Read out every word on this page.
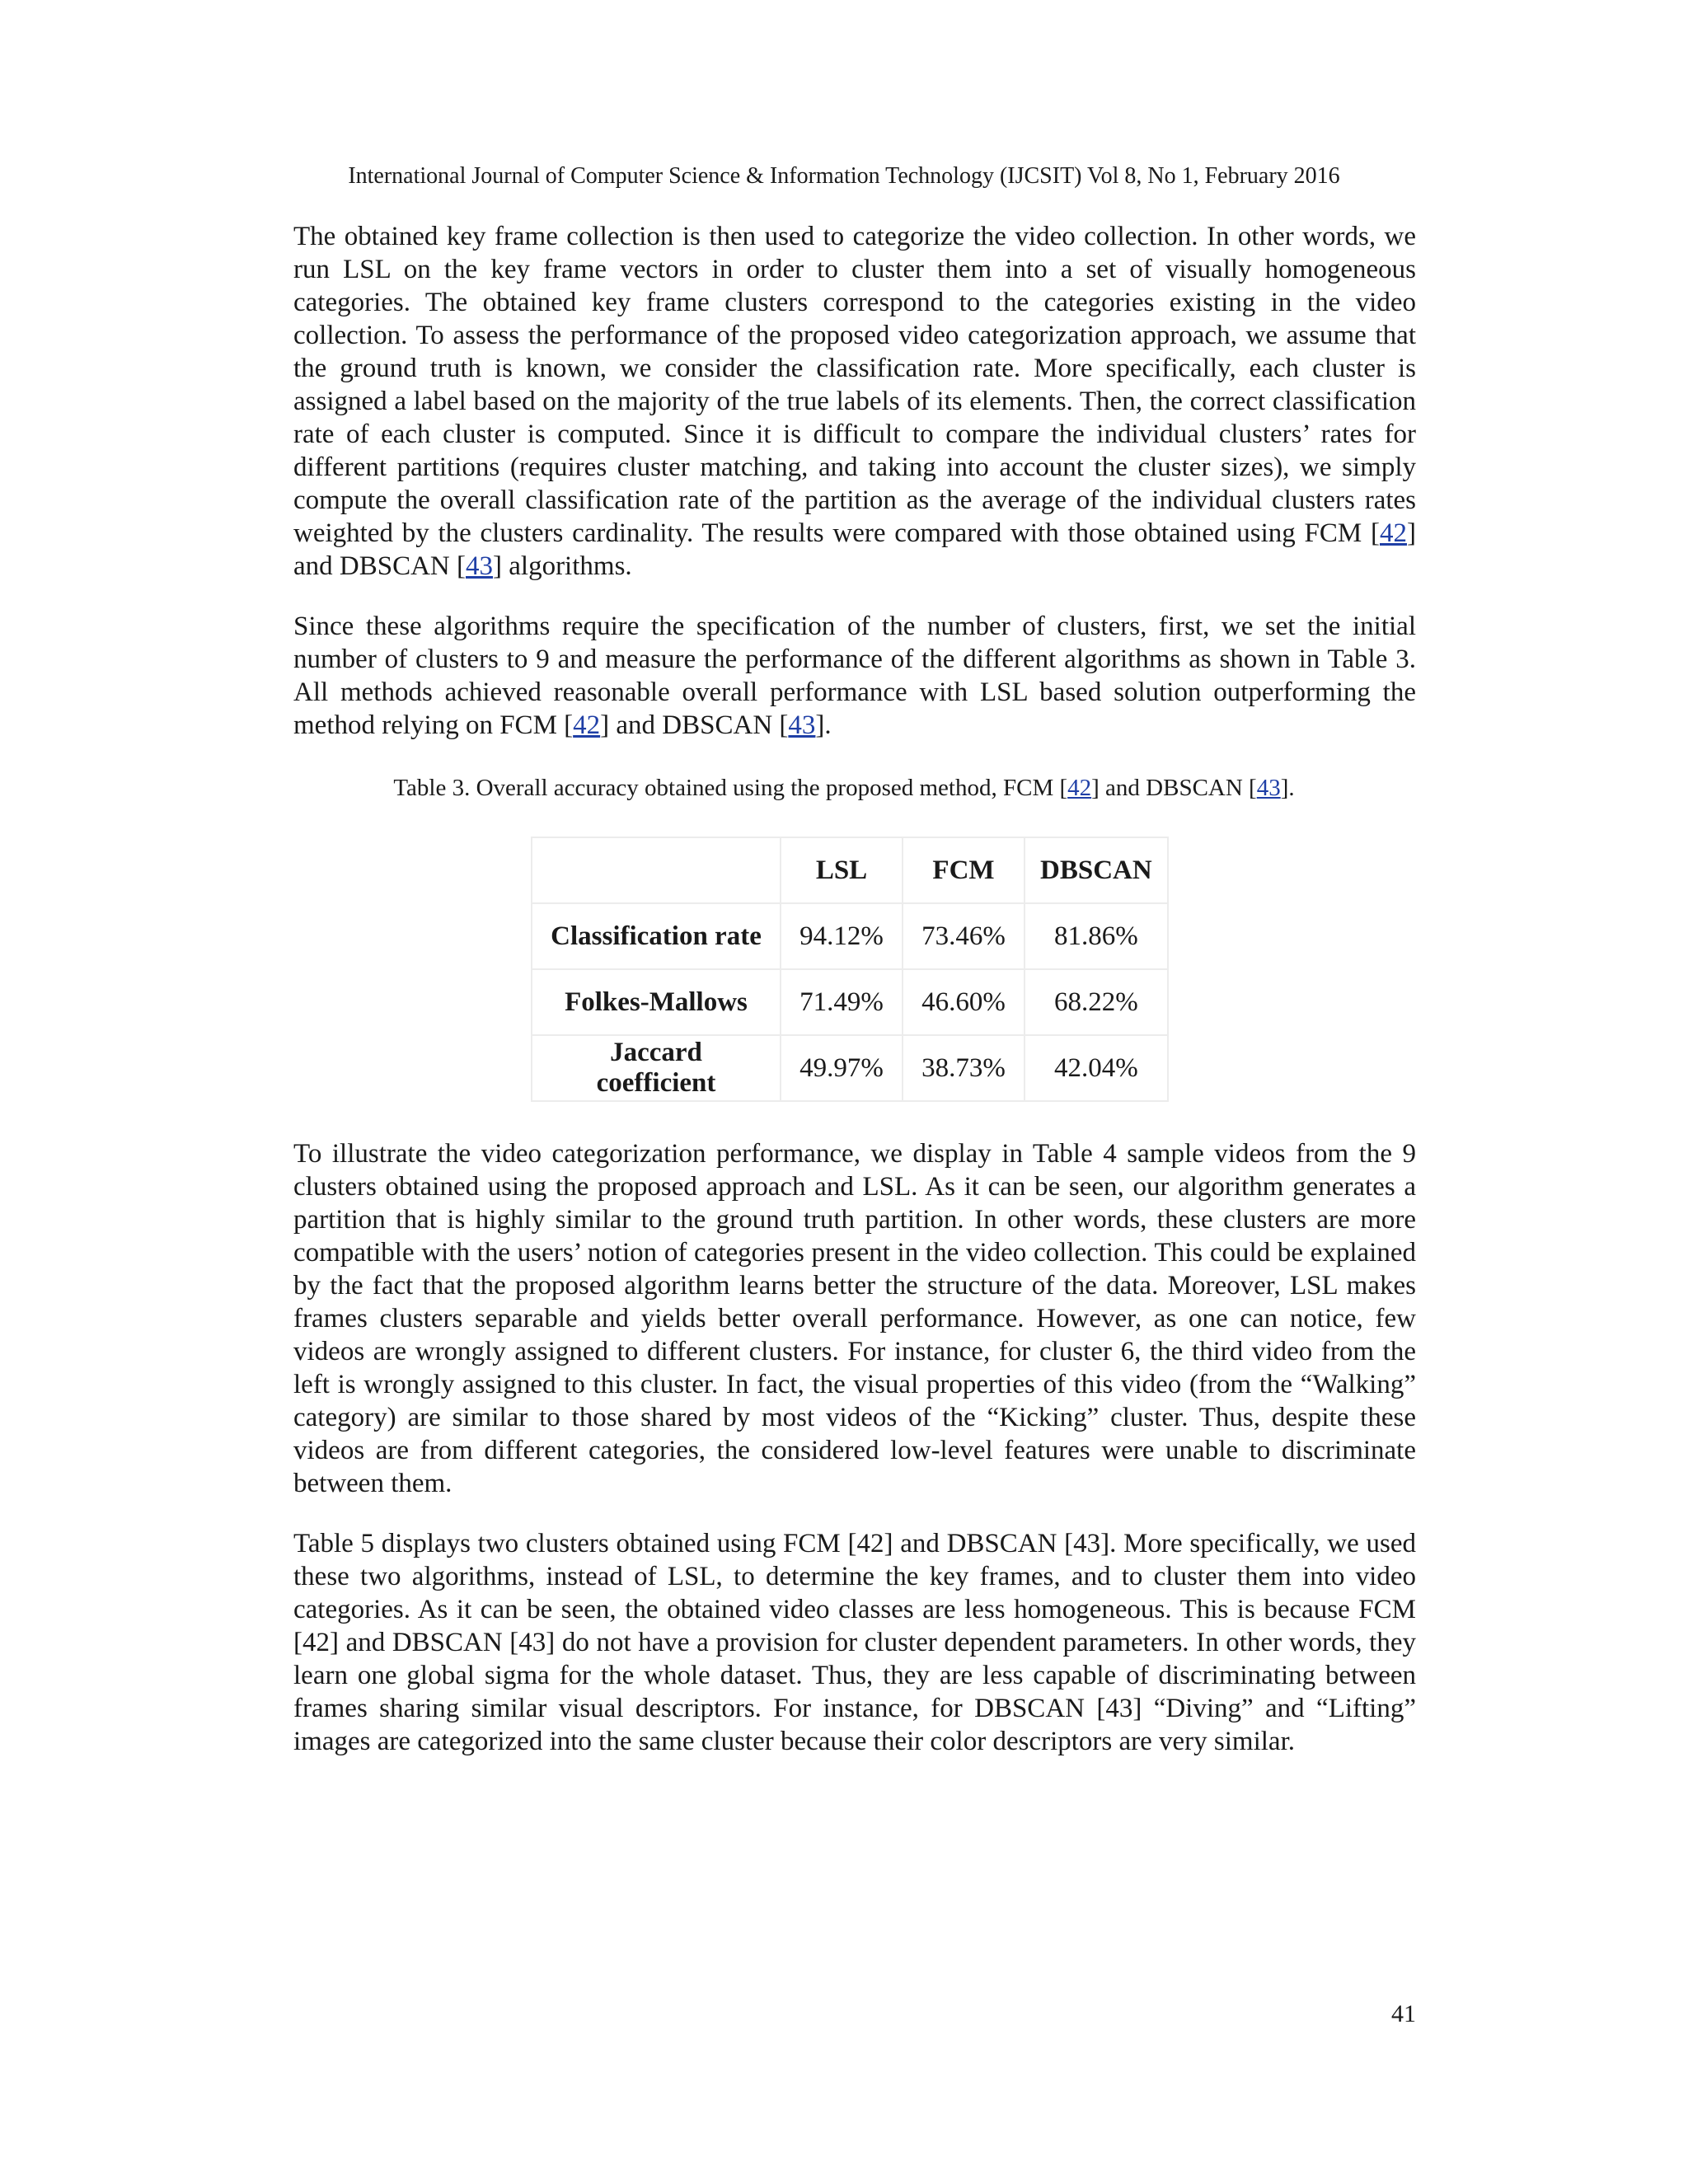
International Journal of Computer Science & Information Technology (IJCSIT) Vol 8, No 1, February 2016

The obtained key frame collection is then used to categorize the video collection. In other words, we run LSL on the key frame vectors in order to cluster them into a set of visually homogeneous categories. The obtained key frame clusters correspond to the categories existing in the video collection. To assess the performance of the proposed video categorization approach, we assume that the ground truth is known, we consider the classification rate. More specifically, each cluster is assigned a label based on the majority of the true labels of its elements. Then, the correct classification rate of each cluster is computed. Since it is difficult to compare the individual clusters’ rates for different partitions (requires cluster matching, and taking into account the cluster sizes), we simply compute the overall classification rate of the partition as the average of the individual clusters rates weighted by the clusters cardinality. The results were compared with those obtained using FCM [42] and DBSCAN [43] algorithms.

Since these algorithms require the specification of the number of clusters, first, we set the initial number of clusters to 9 and measure the performance of the different algorithms as shown in Table 3. All methods achieved reasonable overall performance with LSL based solution outperforming the method relying on FCM [42] and DBSCAN [43].

Table 3. Overall accuracy obtained using the proposed method, FCM [42] and DBSCAN [43].
	LSL	FCM	DBSCAN
Classification rate	94.12%	73.46%	81.86%
Folkes-Mallows	71.49%	46.60%	68.22%
Jaccard coefficient	49.97%	38.73%	42.04%

To illustrate the video categorization performance, we display in Table 4 sample videos from the 9 clusters obtained using the proposed approach and LSL. As it can be seen, our algorithm generates a partition that is highly similar to the ground truth partition. In other words, these clusters are more compatible with the users’ notion of categories present in the video collection. This could be explained by the fact that the proposed algorithm learns better the structure of the data. Moreover, LSL makes frames clusters separable and yields better overall performance. However, as one can notice, few videos are wrongly assigned to different clusters. For instance, for cluster 6, the third video from the left is wrongly assigned to this cluster. In fact, the visual properties of this video (from the “Walking” category) are similar to those shared by most videos of the “Kicking” cluster. Thus, despite these videos are from different categories, the considered low-level features were unable to discriminate between them.

Table 5 displays two clusters obtained using FCM [42] and DBSCAN [43]. More specifically, we used these two algorithms, instead of LSL, to determine the key frames, and to cluster them into video categories. As it can be seen, the obtained video classes are less homogeneous. This is because FCM [42] and DBSCAN [43] do not have a provision for cluster dependent parameters. In other words, they learn one global sigma for the whole dataset. Thus, they are less capable of discriminating between frames sharing similar visual descriptors. For instance, for DBSCAN [43] “Diving” and “Lifting” images are categorized into the same cluster because their color descriptors are very similar.

41
